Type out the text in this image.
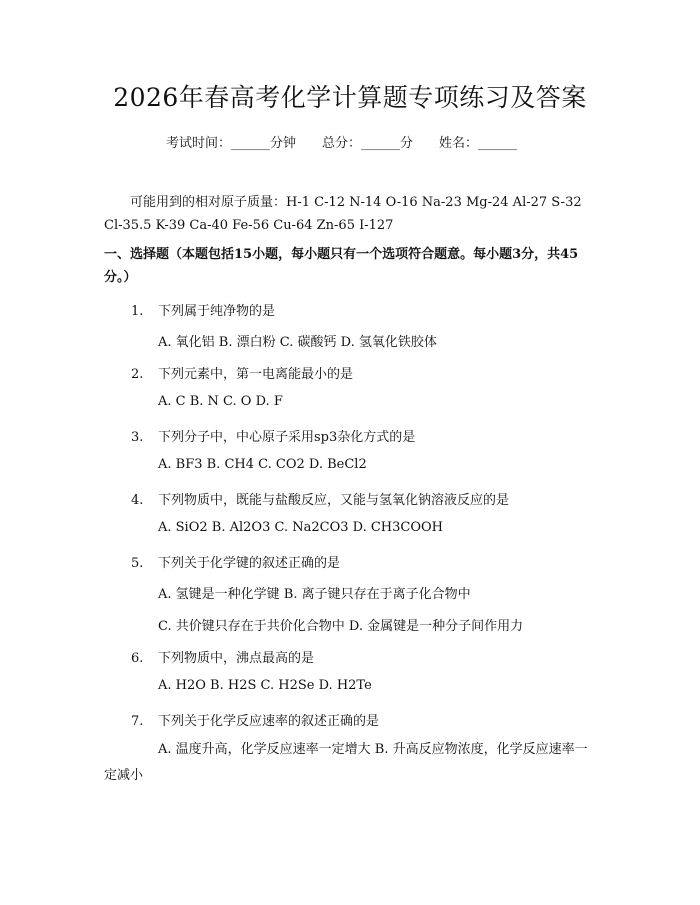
2026年春高考化学计算题专项练习及答案
考试时间：______分钟 总分：______分 姓名：______
可能用到的相对原子质量：H-1 C-12 N-14 O-16 Na-23 Mg-24 Al-27 S-32 Cl-35.5 K-39 Ca-40 Fe-56 Cu-64 Zn-65 I-127
一、选择题（本题包括15小题，每小题只有一个选项符合题意。每小题3分，共45分。）
1. 下列属于纯净物的是
A. 氧化铝 B. 漂白粉 C. 碳酸钙 D. 氢氧化铁胶体
2. 下列元素中，第一电离能最小的是
A. C B. N C. O D. F
3. 下列分子中，中心原子采用sp3杂化方式的是
A. BF3 B. CH4 C. CO2 D. BeCl2
4. 下列物质中，既能与盐酸反应，又能与氢氧化钠溶液反应的是
A. SiO2 B. Al2O3 C. Na2CO3 D. CH3COOH
5. 下列关于化学键的叙述正确的是
A. 氢键是一种化学键 B. 离子键只存在于离子化合物中
C. 共价键只存在于共价化合物中 D. 金属键是一种分子间作用力
6. 下列物质中，沸点最高的是
A. H2O B. H2S C. H2Se D. H2Te
7. 下列关于化学反应速率的叙述正确的是
A. 温度升高，化学反应速率一定增大 B. 升高反应物浓度，化学反应速率一定减小
